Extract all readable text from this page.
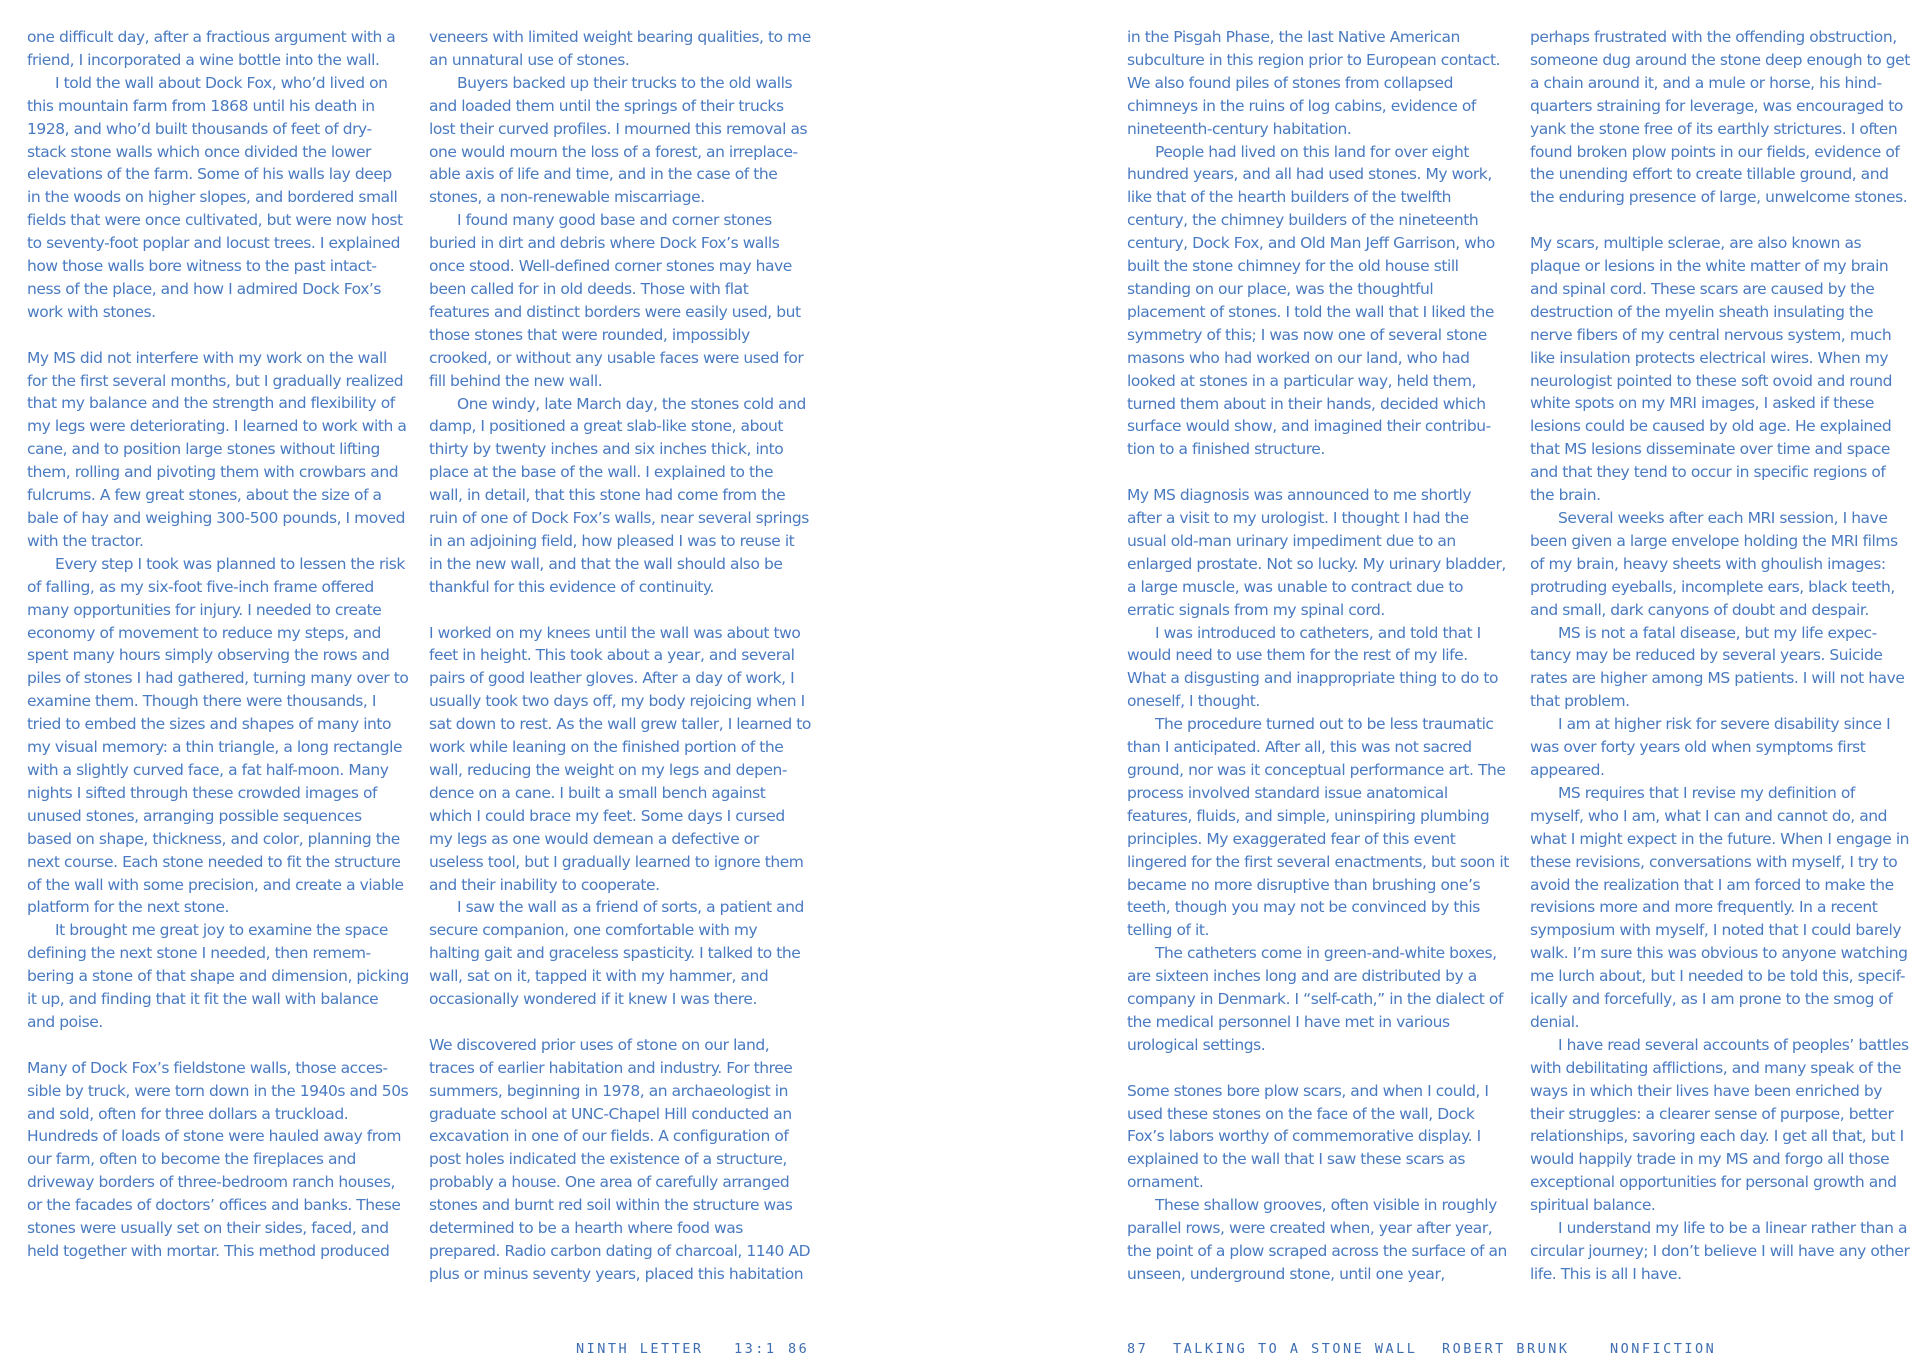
one difficult day, after a fractious argument with a friend, I incorporated a wine bottle into the wall.

I told the wall about Dock Fox, who’d lived on this mountain farm from 1868 until his death in 1928, and who’d built thousands of feet of dry-stack stone walls which once divided the lower elevations of the farm. Some of his walls lay deep in the woods on higher slopes, and bordered small fields that were once cultivated, but were now host to seventy-foot poplar and locust trees. I explained how those walls bore witness to the past intact-ness of the place, and how I admired Dock Fox’s work with stones.

My MS did not interfere with my work on the wall for the first several months, but I gradually realized that my balance and the strength and flexibility of my legs were deteriorating. I learned to work with a cane, and to position large stones without lifting them, rolling and pivoting them with crowbars and fulcrums. A few great stones, about the size of a bale of hay and weighing 300-500 pounds, I moved with the tractor.

Every step I took was planned to lessen the risk of falling, as my six-foot five-inch frame offered many opportunities for injury. I needed to create economy of movement to reduce my steps, and spent many hours simply observing the rows and piles of stones I had gathered, turning many over to examine them. Though there were thousands, I tried to embed the sizes and shapes of many into my visual memory: a thin triangle, a long rectangle with a slightly curved face, a fat half-moon. Many nights I sifted through these crowded images of unused stones, arranging possible sequences based on shape, thickness, and color, planning the next course. Each stone needed to fit the structure of the wall with some precision, and create a viable platform for the next stone.

It brought me great joy to examine the space defining the next stone I needed, then remem-bering a stone of that shape and dimension, picking it up, and finding that it fit the wall with balance and poise.

Many of Dock Fox’s fieldstone walls, those acces-sible by truck, were torn down in the 1940s and 50s and sold, often for three dollars a truckload. Hundreds of loads of stone were hauled away from our farm, often to become the fireplaces and driveway borders of three-bedroom ranch houses, or the facades of doctors’ offices and banks. These stones were usually set on their sides, faced, and held together with mortar. This method produced

veneers with limited weight bearing qualities, to me an unnatural use of stones.

Buyers backed up their trucks to the old walls and loaded them until the springs of their trucks lost their curved profiles. I mourned this removal as one would mourn the loss of a forest, an irreplace-able axis of life and time, and in the case of the stones, a non-renewable miscarriage.

I found many good base and corner stones buried in dirt and debris where Dock Fox’s walls once stood. Well-defined corner stones may have been called for in old deeds. Those with flat features and distinct borders were easily used, but those stones that were rounded, impossibly crooked, or without any usable faces were used for fill behind the new wall.

One windy, late March day, the stones cold and damp, I positioned a great slab-like stone, about thirty by twenty inches and six inches thick, into place at the base of the wall. I explained to the wall, in detail, that this stone had come from the ruin of one of Dock Fox’s walls, near several springs in an adjoining field, how pleased I was to reuse it in the new wall, and that the wall should also be thankful for this evidence of continuity.

I worked on my knees until the wall was about two feet in height. This took about a year, and several pairs of good leather gloves. After a day of work, I usually took two days off, my body rejoicing when I sat down to rest. As the wall grew taller, I learned to work while leaning on the finished portion of the wall, reducing the weight on my legs and depen-dence on a cane. I built a small bench against which I could brace my feet. Some days I cursed my legs as one would demean a defective or useless tool, but I gradually learned to ignore them and their inability to cooperate.

I saw the wall as a friend of sorts, a patient and secure companion, one comfortable with my halting gait and graceless spasticity. I talked to the wall, sat on it, tapped it with my hammer, and occasionally wondered if it knew I was there.

We discovered prior uses of stone on our land, traces of earlier habitation and industry. For three summers, beginning in 1978, an archaeologist in graduate school at UNC-Chapel Hill conducted an excavation in one of our fields. A configuration of post holes indicated the existence of a structure, probably a house. One area of carefully arranged stones and burnt red soil within the structure was determined to be a hearth where food was prepared. Radio carbon dating of charcoal, 1140 AD plus or minus seventy years, placed this habitation

NINTH LETTER 13:1 86

in the Pisgah Phase, the last Native American subculture in this region prior to European contact. We also found piles of stones from collapsed chimneys in the ruins of log cabins, evidence of nineteenth-century habitation.

People had lived on this land for over eight hundred years, and all had used stones. My work, like that of the hearth builders of the twelfth century, the chimney builders of the nineteenth century, Dock Fox, and Old Man Jeff Garrison, who built the stone chimney for the old house still standing on our place, was the thoughtful placement of stones. I told the wall that I liked the symmetry of this; I was now one of several stone masons who had worked on our land, who had looked at stones in a particular way, held them, turned them about in their hands, decided which surface would show, and imagined their contribu-tion to a finished structure.

My MS diagnosis was announced to me shortly after a visit to my urologist. I thought I had the usual old-man urinary impediment due to an enlarged prostate. Not so lucky. My urinary bladder, a large muscle, was unable to contract due to erratic signals from my spinal cord.

I was introduced to catheters, and told that I would need to use them for the rest of my life. What a disgusting and inappropriate thing to do to oneself, I thought.

The procedure turned out to be less traumatic than I anticipated. After all, this was not sacred ground, nor was it conceptual performance art. The process involved standard issue anatomical features, fluids, and simple, uninspiring plumbing principles. My exaggerated fear of this event lingered for the first several enactments, but soon it became no more disruptive than brushing one’s teeth, though you may not be convinced by this telling of it.

The catheters come in green-and-white boxes, are sixteen inches long and are distributed by a company in Denmark. I “self-cath,” in the dialect of the medical personnel I have met in various urological settings.

Some stones bore plow scars, and when I could, I used these stones on the face of the wall, Dock Fox’s labors worthy of commemorative display. I explained to the wall that I saw these scars as ornament.

These shallow grooves, often visible in roughly parallel rows, were created when, year after year, the point of a plow scraped across the surface of an unseen, underground stone, until one year,

perhaps frustrated with the offending obstruction, someone dug around the stone deep enough to get a chain around it, and a mule or horse, his hind-quarters straining for leverage, was encouraged to yank the stone free of its earthly strictures. I often found broken plow points in our fields, evidence of the unending effort to create tillable ground, and the enduring presence of large, unwelcome stones.

My scars, multiple sclerae, are also known as plaque or lesions in the white matter of my brain and spinal cord. These scars are caused by the destruction of the myelin sheath insulating the nerve fibers of my central nervous system, much like insulation protects electrical wires. When my neurologist pointed to these soft ovoid and round white spots on my MRI images, I asked if these lesions could be caused by old age. He explained that MS lesions disseminate over time and space and that they tend to occur in specific regions of the brain.

Several weeks after each MRI session, I have been given a large envelope holding the MRI films of my brain, heavy sheets with ghoulish images: protruding eyeballs, incomplete ears, black teeth, and small, dark canyons of doubt and despair.

MS is not a fatal disease, but my life expec-tancy may be reduced by several years. Suicide rates are higher among MS patients. I will not have that problem.

I am at higher risk for severe disability since I was over forty years old when symptoms first appeared.

MS requires that I revise my definition of myself, who I am, what I can and cannot do, and what I might expect in the future. When I engage in these revisions, conversations with myself, I try to avoid the realization that I am forced to make the revisions more and more frequently. In a recent symposium with myself, I noted that I could barely walk. I’m sure this was obvious to anyone watching me lurch about, but I needed to be told this, specif-ically and forcefully, as I am prone to the smog of denial.

I have read several accounts of peoples’ battles with debilitating afflictions, and many speak of the ways in which their lives have been enriched by their struggles: a clearer sense of purpose, better relationships, savoring each day. I get all that, but I would happily trade in my MS and forgo all those exceptional opportunities for personal growth and spiritual balance.

I understand my life to be a linear rather than a circular journey; I don’t believe I will have any other life. This is all I have.

87 TALKING TO A STONE WALL ROBERT BRUNK	NONFICTION
